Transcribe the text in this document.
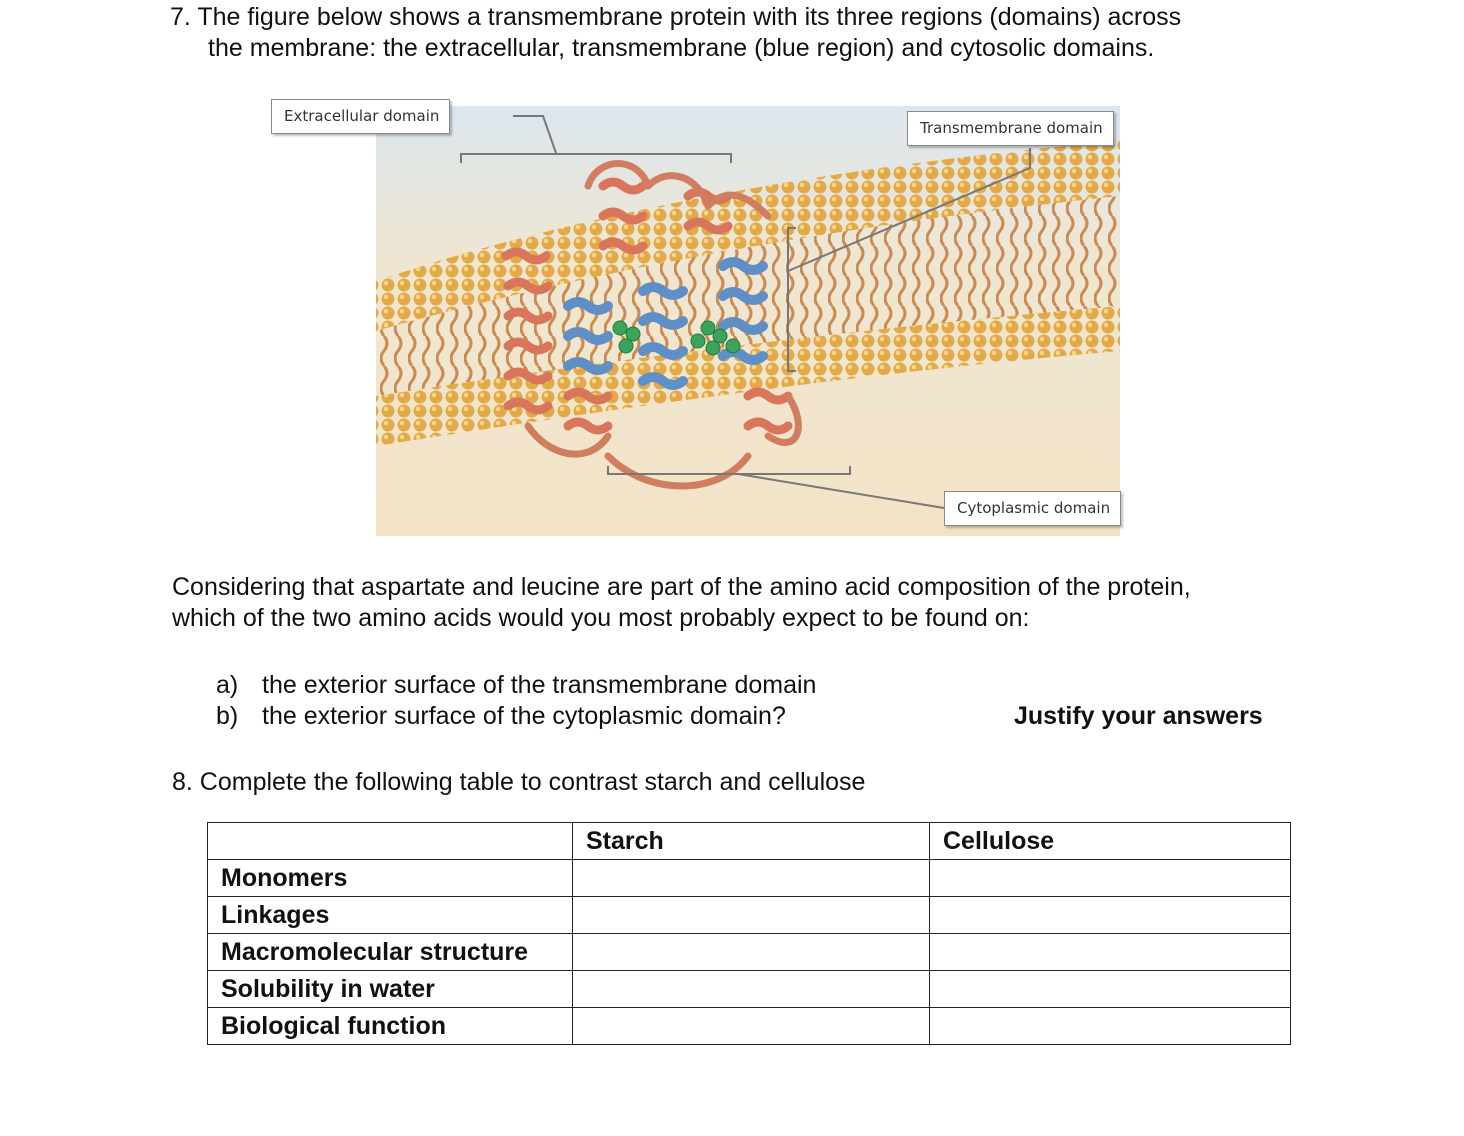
7. The figure below shows a transmembrane protein with its three regions (domains) across
the membrane: the extracellular, transmembrane (blue region) and cytosolic domains.
Extracellular domain
Transmembrane domain
Cytoplasmic domain
Considering that aspartate and leucine are part of the amino acid composition of the protein,
which of the two amino acids would you most probably expect to be found on:
a) the exterior surface of the transmembrane domain
b) the exterior surface of the cytoplasmic domain?	Justify your answers
8. Complete the following table to contrast starch and cellulose
	Starch	Cellulose
Monomers		
Linkages		
Macromolecular structure		
Solubility in water		
Biological function		
